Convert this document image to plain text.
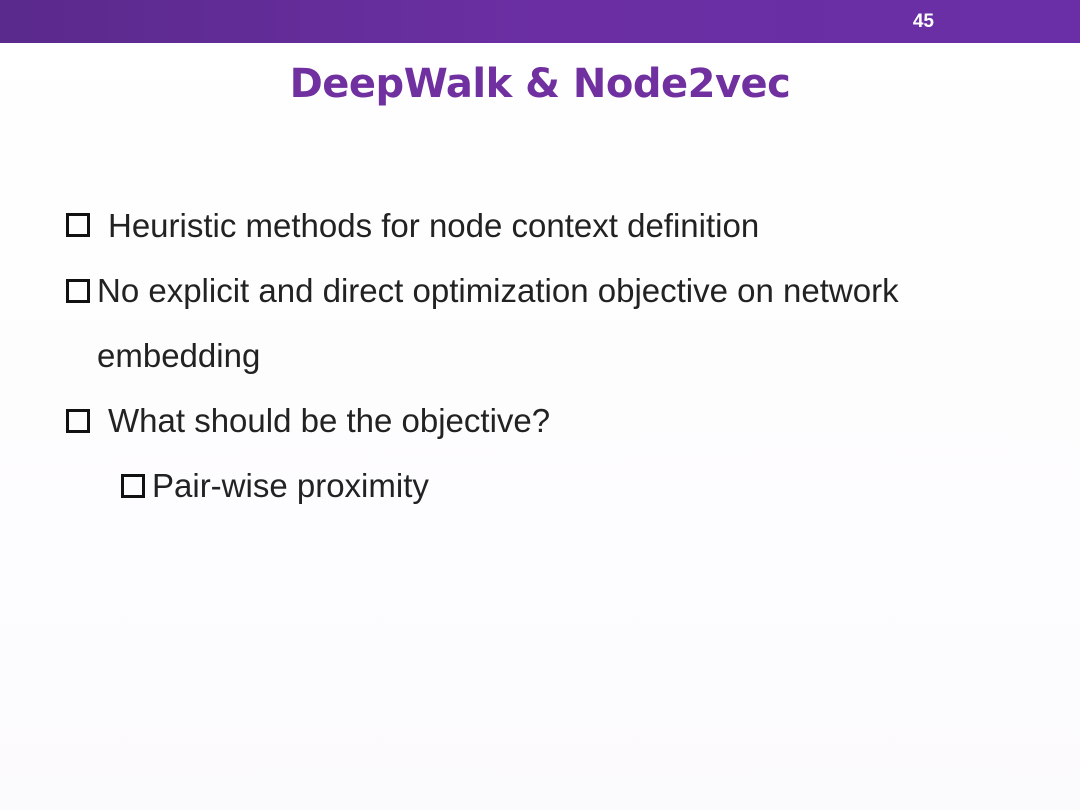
45
DeepWalk & Node2vec
Heuristic methods for node context definition
No explicit and direct optimization objective on network
embedding
What should be the objective?
Pair-wise proximity
